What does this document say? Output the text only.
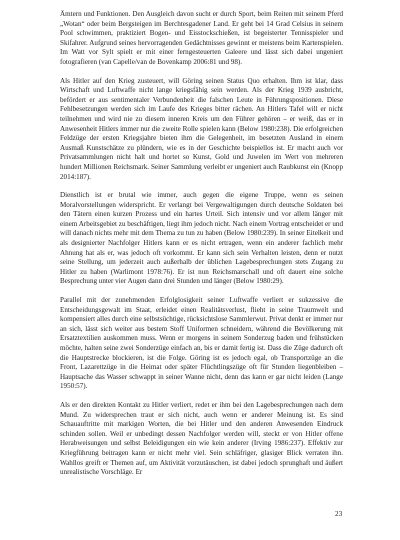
Ämtern und Funktionen. Den Ausgleich davon sucht er durch Sport, beim Reiten mit seinem Pferd „Wotan“ oder beim Bergsteigen im Berchtesgadener Land. Er geht bei 14 Grad Celsius in seinem Pool schwimmen, praktiziert Bogen- und Eisstockschießen, ist begeisterter Tennisspieler und Skifahrer. Aufgrund seines hervorragenden Gedächtnisses gewinnt er meistens beim Kartenspielen. Im Watt vor Sylt spielt er mit einer ferngesteuerten Galeere und lässt sich dabei ungeniert fotografieren (van Capelle/van de Bovenkamp 2006:81 und 98).

Als Hitler auf den Krieg zusteuert, will Göring seinen Status Quo erhalten. Ihm ist klar, dass Wirtschaft und Luftwaffe nicht lange kriegsfähig sein werden. Als der Krieg 1939 ausbricht, befördert er aus sentimentaler Verbundenheit die falschen Leute in Führungspositionen. Diese Fehlbesetzungen werden sich im Laufe des Krieges bitter rächen. An Hitlers Tafel will er nicht teilnehmen und wird nie zu diesem inneren Kreis um den Führer gehören – er weiß, das er in Anwesenheit Hitlers immer nur die zweite Rolle spielen kann (Below 1980:238). Die erfolgreichen Feldzüge der ersten Kriegsjahre bieten ihm die Gelegenheit, im besetzten Ausland in einem Ausmaß Kunstschätze zu plündern, wie es in der Geschichte beispiellos ist. Er macht auch vor Privatsammlungen nicht halt und hortet so Kunst, Gold und Juwelen im Wert von mehreren hundert Millionen Reichsmark. Seiner Sammlung verleibt er ungeniert auch Raubkunst ein (Knopp 2014:187).

Dienstlich ist er brutal wie immer, auch gegen die eigene Truppe, wenn es seinen Moralvorstellungen widerspricht. Er verlangt bei Vergewaltigungen durch deutsche Soldaten bei den Tätern einen kurzen Prozess und ein hartes Urteil. Sich intensiv und vor allem länger mit einem Arbeitsgebiet zu beschäftigen, liegt ihm jedoch nicht. Nach einem Vortrag entscheidet er und will danach nichts mehr mit dem Thema zu tun zu haben (Below 1980:239). In seiner Eitelkeit und als designierter Nachfolger Hitlers kann er es nicht ertragen, wenn ein anderer fachlich mehr Ahnung hat als er, was jedoch oft vorkommt. Er kann sich sein Verhalten leisten, denn er nutzt seine Stellung, um jederzeit auch außerhalb der üblichen Lagebesprechungen stets Zugang zu Hitler zu haben (Warlimont 1978:76). Er ist nun Reichsmarschall und oft dauert eine solche Besprechung unter vier Augen dann drei Stunden und länger (Below 1980:29).

Parallel mit der zunehmenden Erfolglosigkeit seiner Luftwaffe verliert er sukzessive die Entscheidungsgewalt im Staat, erleidet einen Realitätsverlust, flieht in seine Traumwelt und kompensiert alles durch eine selbstsüchtige, rücksichtslose Sammlerwut. Privat denkt er immer nur an sich, lässt sich weiter aus bestem Stoff Uniformen schneidern, während die Bevölkerung mit Ersatztextilien auskommen muss. Wenn er morgens in seinem Sonderzug baden und frühstücken möchte, halten seine zwei Sonderzüge einfach an, bis er damit fertig ist. Dass die Züge dadurch oft die Hauptstrecke blockieren, ist die Folge. Göring ist es jedoch egal, ob Transportzüge an die Front, Lazarettzüge in die Heimat oder später Flüchtlingszüge oft für Stunden liegenbleiben – Hauptsache das Wasser schwappt in seiner Wanne nicht, denn das kann er gar nicht leiden (Lange 1950:57).

Als er den direkten Kontakt zu Hitler verliert, redet er ihm bei den Lagebesprechungen nach dem Mund. Zu widersprechen traut er sich nicht, auch wenn er anderer Meinung ist. Es sind Schauauftritte mit markigen Worten, die bei Hitler und den anderen Anwesenden Eindruck schinden sollen. Weil er unbedingt dessen Nachfolger werden will, steckt er von Hitler offene Herabweisungen und selbst Beleidigungen ein wie kein anderer (Irving 1986:237). Effektiv zur Kriegführung beitragen kann er nicht mehr viel. Sein schläfriger, glasiger Blick verraten ihn. Wahllos greift er Themen auf, um Aktivität vorzutäuschen, ist dabei jedoch sprunghaft und äußert unrealistische Vorschläge. Er

23
